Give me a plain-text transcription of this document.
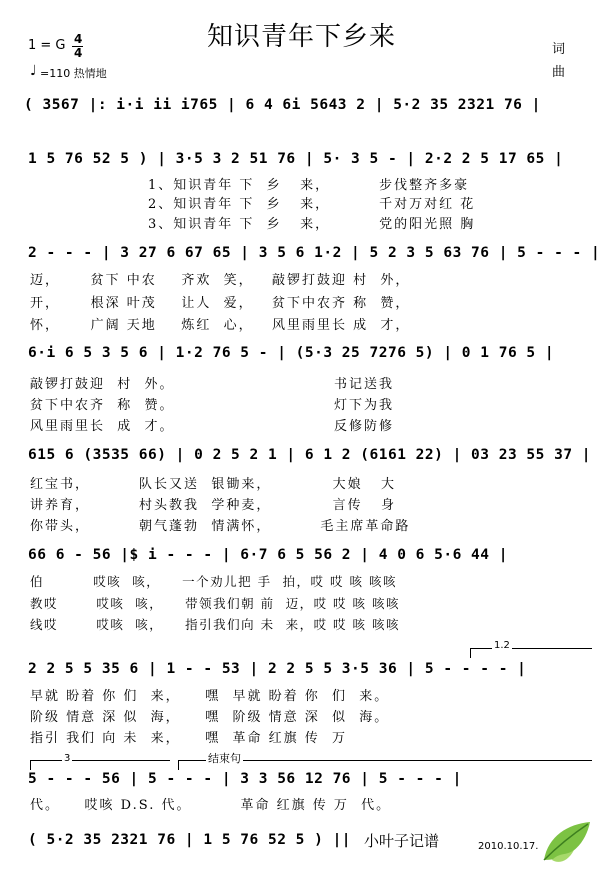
1 = G 4
4
知识青年下乡来
♩ =110 热情地
词
曲
( 3567 |: i·i ii i765 | 6 4 6i 5643 2 | 5·2 35 2321 76 |
1 5 76 52 5 ) | 3·5 3 2 51 76 | 5· 3 5 - | 2·2 2 5 17 65 |
1、知识青年 下  乡   来，        步伐整齐多豪
2、知识青年 下  乡   来，        千对万对红 花
3、知识青年 下  乡   来，        党的阳光照 胸
2 - - - | 3 27 6 67 65 | 3 5 6 1·2 | 5 2 3 5 63 76 | 5 - - - |
迈，     贫下 中农    齐欢  笑，   敲锣打鼓迎 村  外，
开，     根深 叶茂    让人  爱，   贫下中农齐 称  赞，
怀，     广阔 天地    炼红  心，   风里雨里长 成  才，
6·i 6 5 3 5 6 | 1·2 76 5 - | (5·3 25 7276 5) | 0 1 76 5 |
敲锣打鼓迎  村  外。                          书记送我
贫下中农齐  称  赞。                          灯下为我
风里雨里长  成  才。                          反修防修
615 6 (3535 66) | 0 2 5 2 1 | 6 1 2 (6161 22) | 03 23 55 37 |
红宝书，        队长又送  银锄来，          大娘   大
讲养育，        村头教我  学种麦，          言传   身
你带头，        朝气蓬勃  情满怀，        毛主席革命路
66 6 - 56 |$ i - - - | 6·7 6 5 56 2 | 4 0 6 5·6 44 |
伯         哎咳  咳，    一个劝儿把 手  拍，哎 哎 咳 咳咳
教哎       哎咳  咳，    带领我们朝 前  迈，哎 哎 咳 咳咳
线哎       哎咳  咳，    指引我们向 未  来，哎 哎 咳 咳咳
1.2
2 2 5 5 35 6 | 1 - - 53 | 2 2 5 5 3·5 36 | 5 - - - - |
早就 盼着 你 们  来，    嘿  早就 盼着 你  们  来。
阶级 情意 深 似  海，    嘿  阶级 情意 深  似  海。
指引 我们 向 未  来，    嘿  革命 红旗 传  万
3	结束句
5 - - - 56 | 5 - - - | 3 3 56 12 76 | 5 - - - |
代。    哎咳 D.S. 代。        革命 红旗 传 万  代。
( 5·2 35 2321 76 | 1 5 76 52 5 ) || 小叶子记谱	2010.10.17.
